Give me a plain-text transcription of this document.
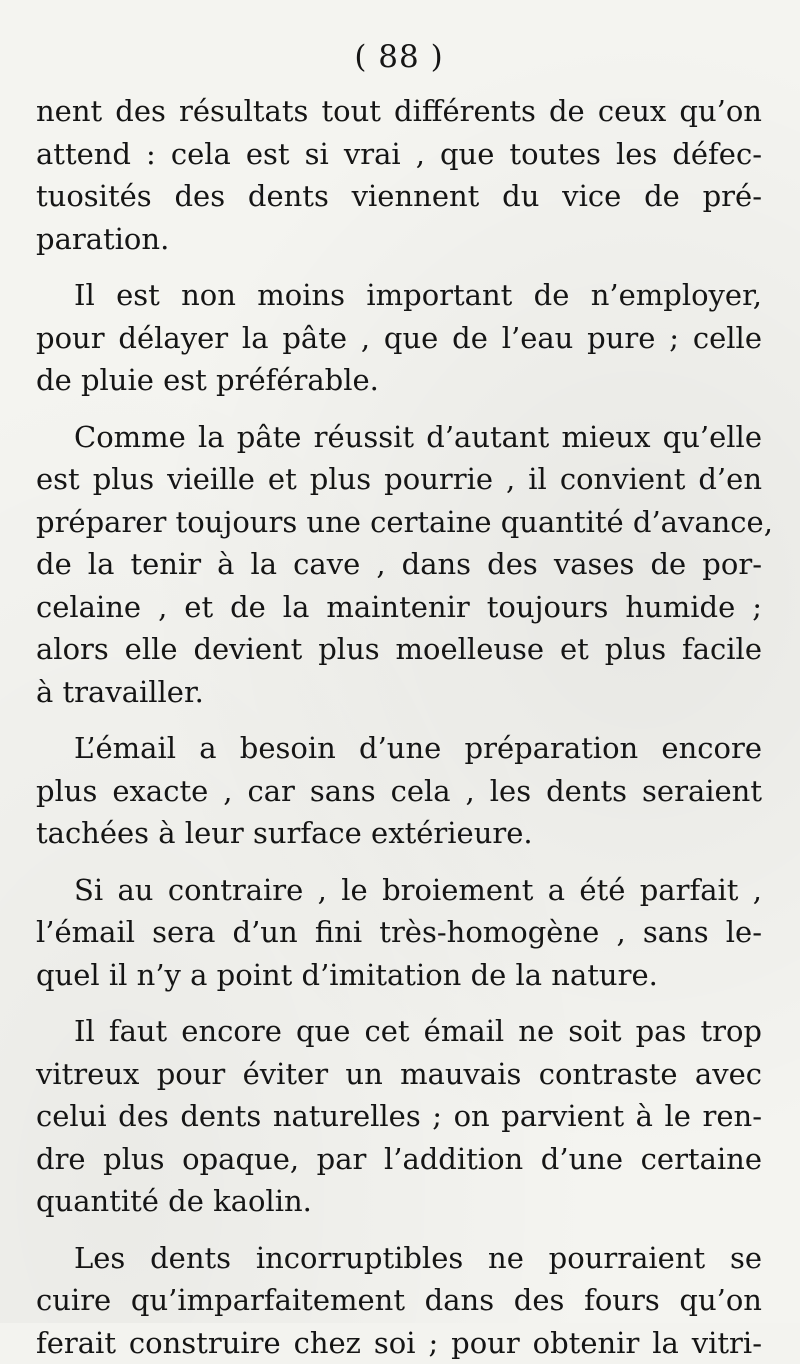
( 88 )
nent des résultats tout différents de ceux qu’on
attend : cela est si vrai , que toutes les défec-
tuosités des dents viennent du vice de pré-
paration.
Il est non moins important de n’employer,
pour délayer la pâte , que de l’eau pure ; celle
de pluie est préférable.
Comme la pâte réussit d’autant mieux qu’elle
est plus vieille et plus pourrie , il convient d’en
préparer toujours une certaine quantité d’avance,
de la tenir à la cave , dans des vases de por-
celaine , et de la maintenir toujours humide ;
alors elle devient plus moelleuse et plus facile
à travailler.
L’émail a besoin d’une préparation encore
plus exacte , car sans cela , les dents seraient
tachées à leur surface extérieure.
Si au contraire , le broiement a été parfait ,
l’émail sera d’un fini très-homogène , sans le-
quel il n’y a point d’imitation de la nature.
Il faut encore que cet émail ne soit pas trop
vitreux pour éviter un mauvais contraste avec
celui des dents naturelles ; on parvient à le ren-
dre plus opaque, par l’addition d’une certaine
quantité de kaolin.
Les dents incorruptibles ne pourraient se
cuire qu’imparfaitement dans des fours qu’on
ferait construire chez soi ; pour obtenir la vitri-
